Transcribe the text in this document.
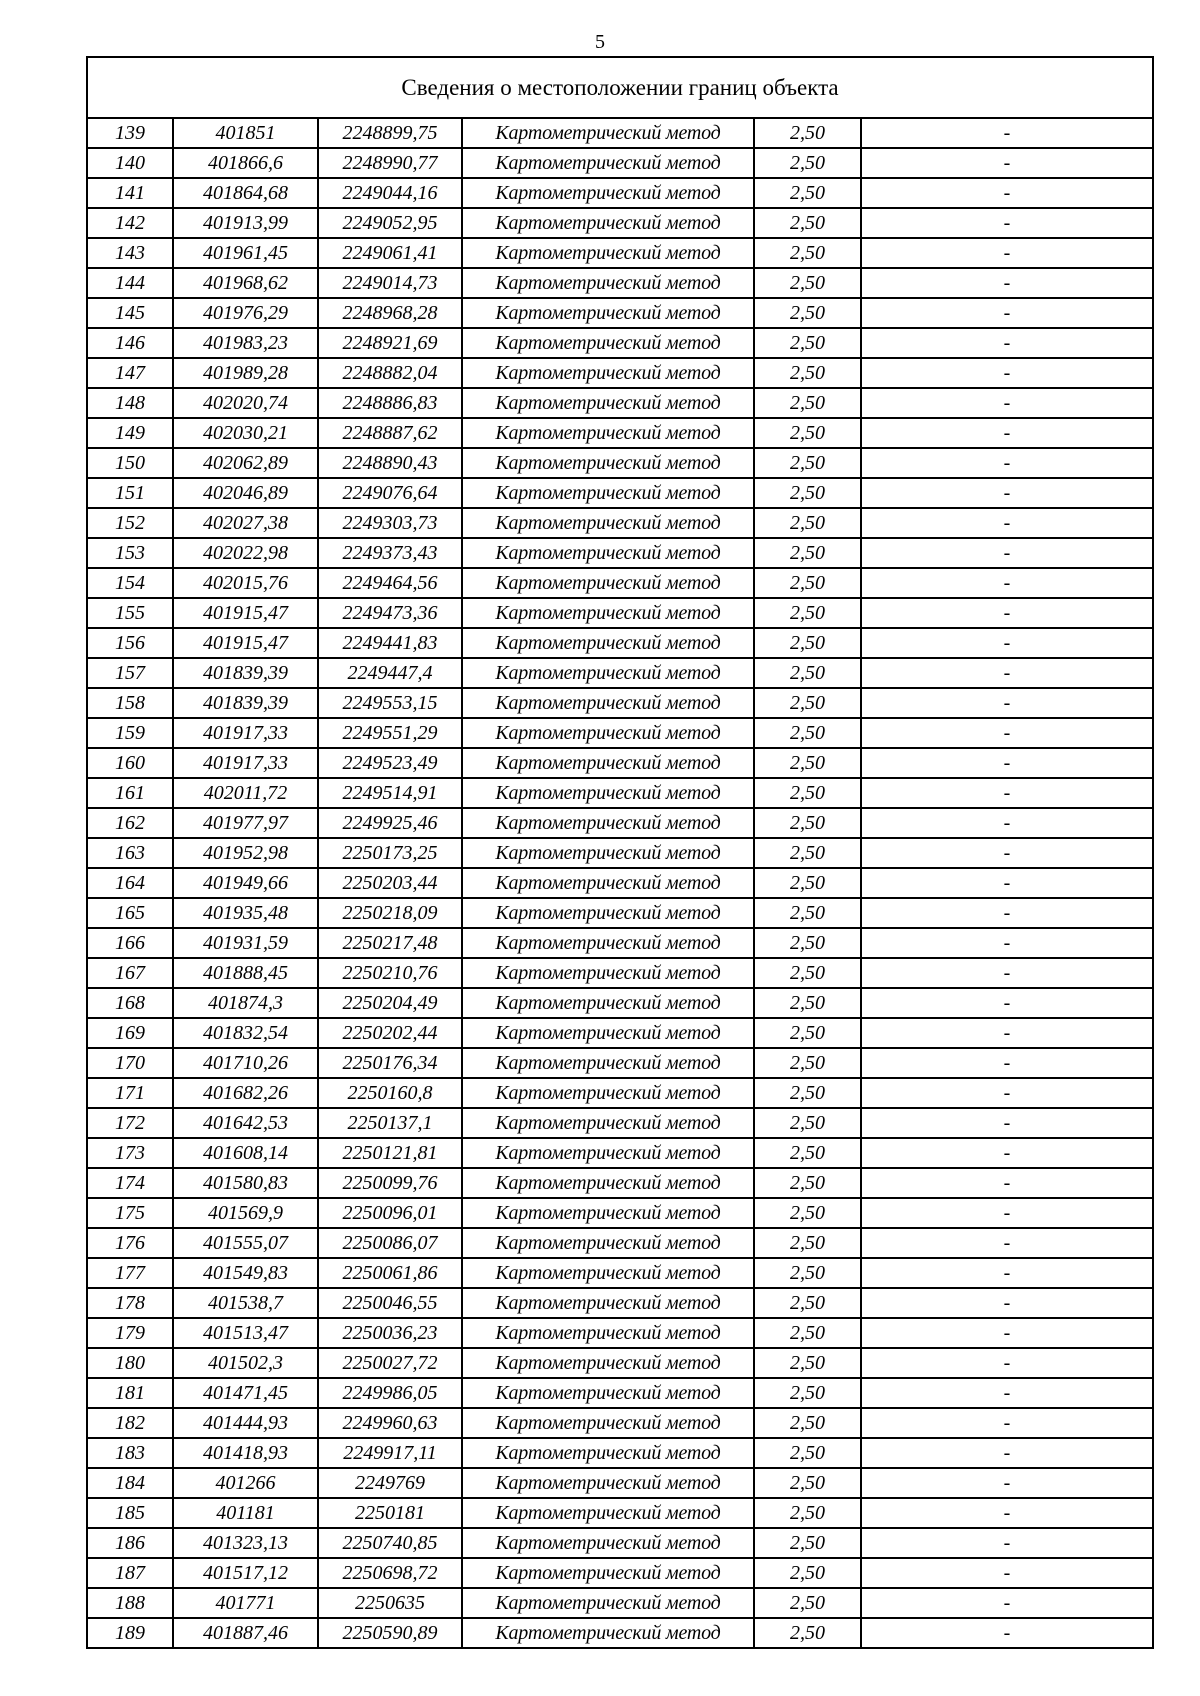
5
Сведения о местоположении границ объекта					
139	401851	2248899,75	Картометрический метод	2,50	-
140	401866,6	2248990,77	Картометрический метод	2,50	-
141	401864,68	2249044,16	Картометрический метод	2,50	-
142	401913,99	2249052,95	Картометрический метод	2,50	-
143	401961,45	2249061,41	Картометрический метод	2,50	-
144	401968,62	2249014,73	Картометрический метод	2,50	-
145	401976,29	2248968,28	Картометрический метод	2,50	-
146	401983,23	2248921,69	Картометрический метод	2,50	-
147	401989,28	2248882,04	Картометрический метод	2,50	-
148	402020,74	2248886,83	Картометрический метод	2,50	-
149	402030,21	2248887,62	Картометрический метод	2,50	-
150	402062,89	2248890,43	Картометрический метод	2,50	-
151	402046,89	2249076,64	Картометрический метод	2,50	-
152	402027,38	2249303,73	Картометрический метод	2,50	-
153	402022,98	2249373,43	Картометрический метод	2,50	-
154	402015,76	2249464,56	Картометрический метод	2,50	-
155	401915,47	2249473,36	Картометрический метод	2,50	-
156	401915,47	2249441,83	Картометрический метод	2,50	-
157	401839,39	2249447,4	Картометрический метод	2,50	-
158	401839,39	2249553,15	Картометрический метод	2,50	-
159	401917,33	2249551,29	Картометрический метод	2,50	-
160	401917,33	2249523,49	Картометрический метод	2,50	-
161	402011,72	2249514,91	Картометрический метод	2,50	-
162	401977,97	2249925,46	Картометрический метод	2,50	-
163	401952,98	2250173,25	Картометрический метод	2,50	-
164	401949,66	2250203,44	Картометрический метод	2,50	-
165	401935,48	2250218,09	Картометрический метод	2,50	-
166	401931,59	2250217,48	Картометрический метод	2,50	-
167	401888,45	2250210,76	Картометрический метод	2,50	-
168	401874,3	2250204,49	Картометрический метод	2,50	-
169	401832,54	2250202,44	Картометрический метод	2,50	-
170	401710,26	2250176,34	Картометрический метод	2,50	-
171	401682,26	2250160,8	Картометрический метод	2,50	-
172	401642,53	2250137,1	Картометрический метод	2,50	-
173	401608,14	2250121,81	Картометрический метод	2,50	-
174	401580,83	2250099,76	Картометрический метод	2,50	-
175	401569,9	2250096,01	Картометрический метод	2,50	-
176	401555,07	2250086,07	Картометрический метод	2,50	-
177	401549,83	2250061,86	Картометрический метод	2,50	-
178	401538,7	2250046,55	Картометрический метод	2,50	-
179	401513,47	2250036,23	Картометрический метод	2,50	-
180	401502,3	2250027,72	Картометрический метод	2,50	-
181	401471,45	2249986,05	Картометрический метод	2,50	-
182	401444,93	2249960,63	Картометрический метод	2,50	-
183	401418,93	2249917,11	Картометрический метод	2,50	-
184	401266	2249769	Картометрический метод	2,50	-
185	401181	2250181	Картометрический метод	2,50	-
186	401323,13	2250740,85	Картометрический метод	2,50	-
187	401517,12	2250698,72	Картометрический метод	2,50	-
188	401771	2250635	Картометрический метод	2,50	-
189	401887,46	2250590,89	Картометрический метод	2,50	-
